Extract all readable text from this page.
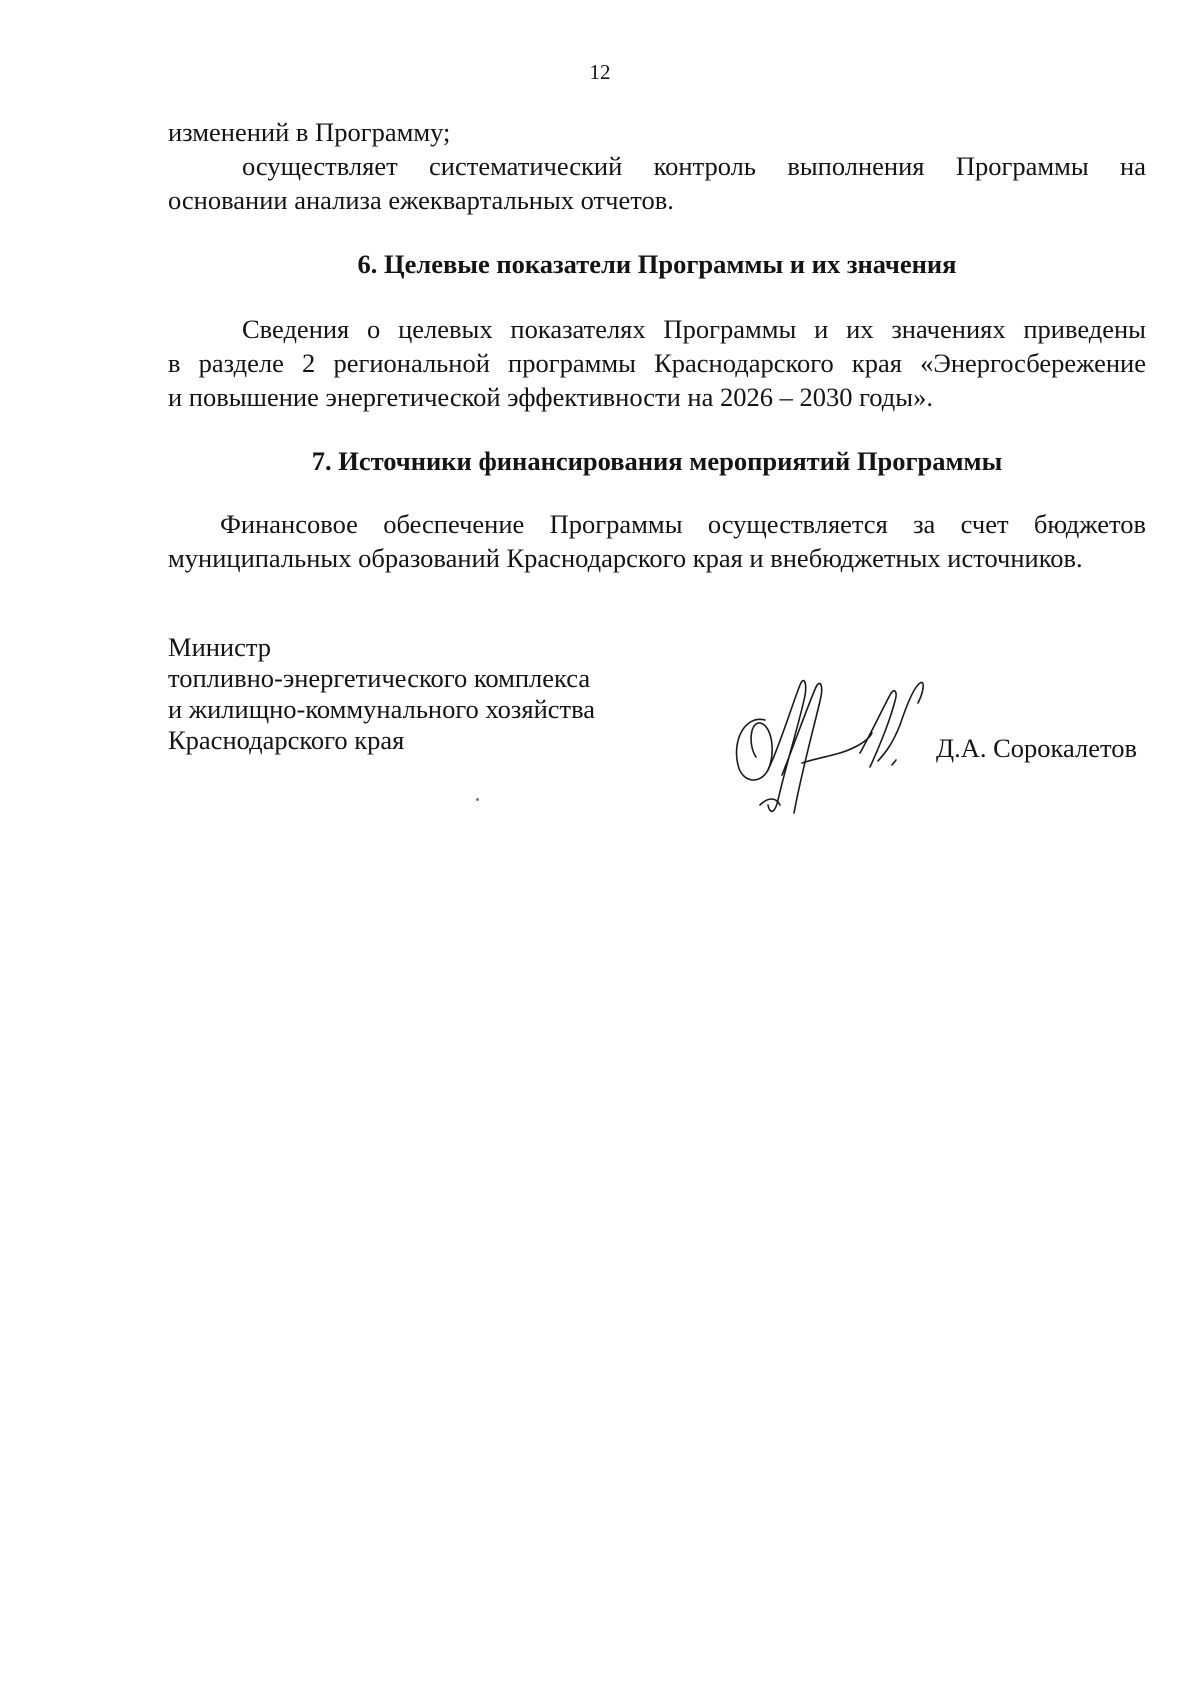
12
изменений в Программу;
осуществляет систематический контроль выполнения Программы на
основании анализа ежеквартальных отчетов.
6. Целевые показатели Программы и их значения
Сведения о целевых показателях Программы и их значениях приведены
в разделе 2 региональной программы Краснодарского края «Энергосбережение
и повышение энергетической эффективности на 2026 – 2030 годы».
7. Источники финансирования мероприятий Программы
Финансовое обеспечение Программы осуществляется за счет бюджетов
муниципальных образований Краснодарского края и внебюджетных источников.
Министр
топливно-энергетического комплекса
и жилищно-коммунального хозяйства
Краснодарского края	Д.А. Сорокалетов
